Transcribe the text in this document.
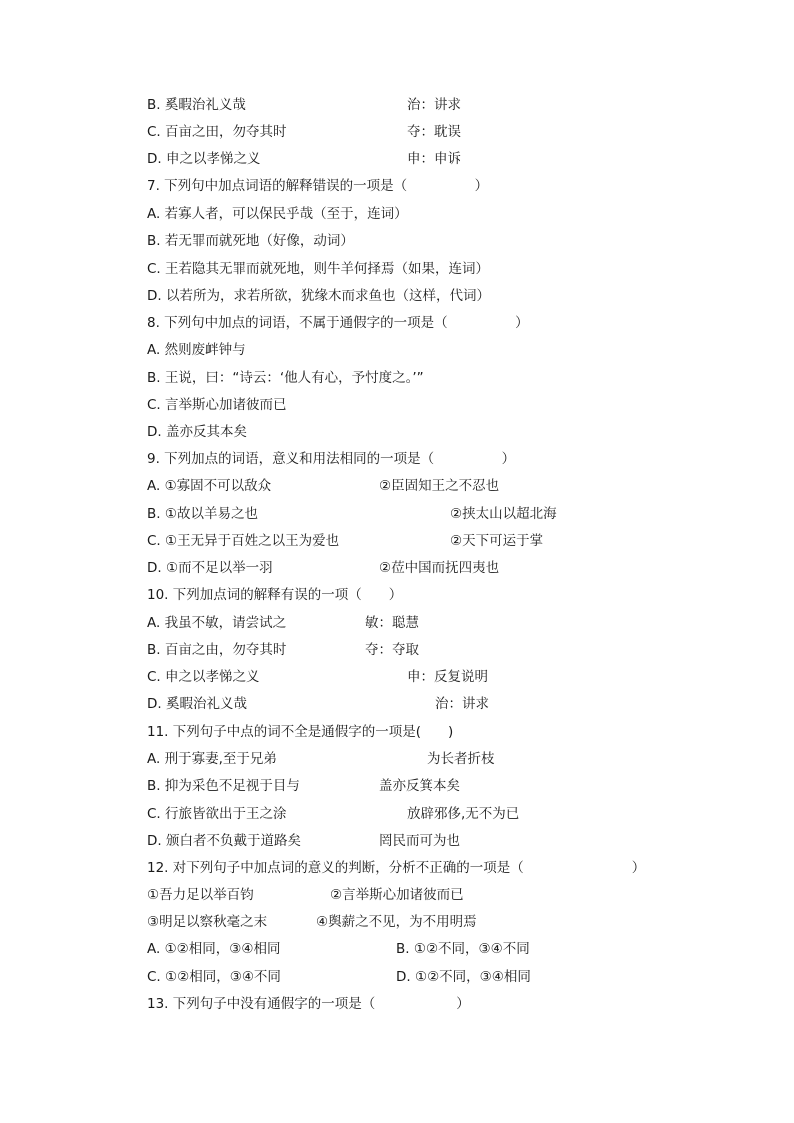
B. 奚暇治礼义哉	治：讲求
C. 百亩之田，勿夺其时	夺：耽误
D. 申之以孝悌之义	申：申诉
7. 下列句中加点词语的解释错误的一项是（　　　　　）
A. 若寡人者，可以保民乎哉（至于，连词）
B. 若无罪而就死地（好像，动词）
C. 王若隐其无罪而就死地，则牛羊何择焉（如果，连词）
D. 以若所为，求若所欲，犹缘木而求鱼也（这样，代词）
8. 下列句中加点的词语，不属于通假字的一项是（　　　　　）
A. 然则废衅钟与
B. 王说，曰：“诗云：‘他人有心，予忖度之。’”
C. 言举斯心加诸彼而已
D. 盖亦反其本矣
9. 下列加点的词语，意义和用法相同的一项是（　　　　　）
A. ①寡固不可以敌众	②臣固知王之不忍也
B. ①故以羊易之也	②挟太山以超北海
C. ①王无异于百姓之以王为爱也	②天下可运于掌
D. ①而不足以举一羽	②莅中国而抚四夷也
10. 下列加点词的解释有误的一项（　　）
A. 我虽不敏，请尝试之	敏：聪慧
B. 百亩之由，勿夺其时	夺：夺取
C. 申之以孝悌之义	申：反复说明
D. 奚暇治礼义哉	治：讲求
11. 下列句子中点的词不全是通假字的一项是(　　)
A. 刑于寡妻,至于兄弟	为长者折枝
B. 抑为采色不足视于目与	盖亦反箕本矣
C. 行旅皆欲出于王之涂	放辟邪侈,无不为已
D. 颁白者不负戴于道路矣	罔民而可为也
12. 对下列句子中加点词的意义的判断，分析不正确的一项是（　　　　　　　　）
①吾力足以举百钧	②言举斯心加诸彼而已
③明足以察秋毫之末	④舆薪之不见，为不用明焉
A. ①②相同，③④相同	B. ①②不同，③④不同
C. ①②相同，③④不同	D. ①②不同，③④相同
13. 下列句子中没有通假字的一项是（　　　　　　）
